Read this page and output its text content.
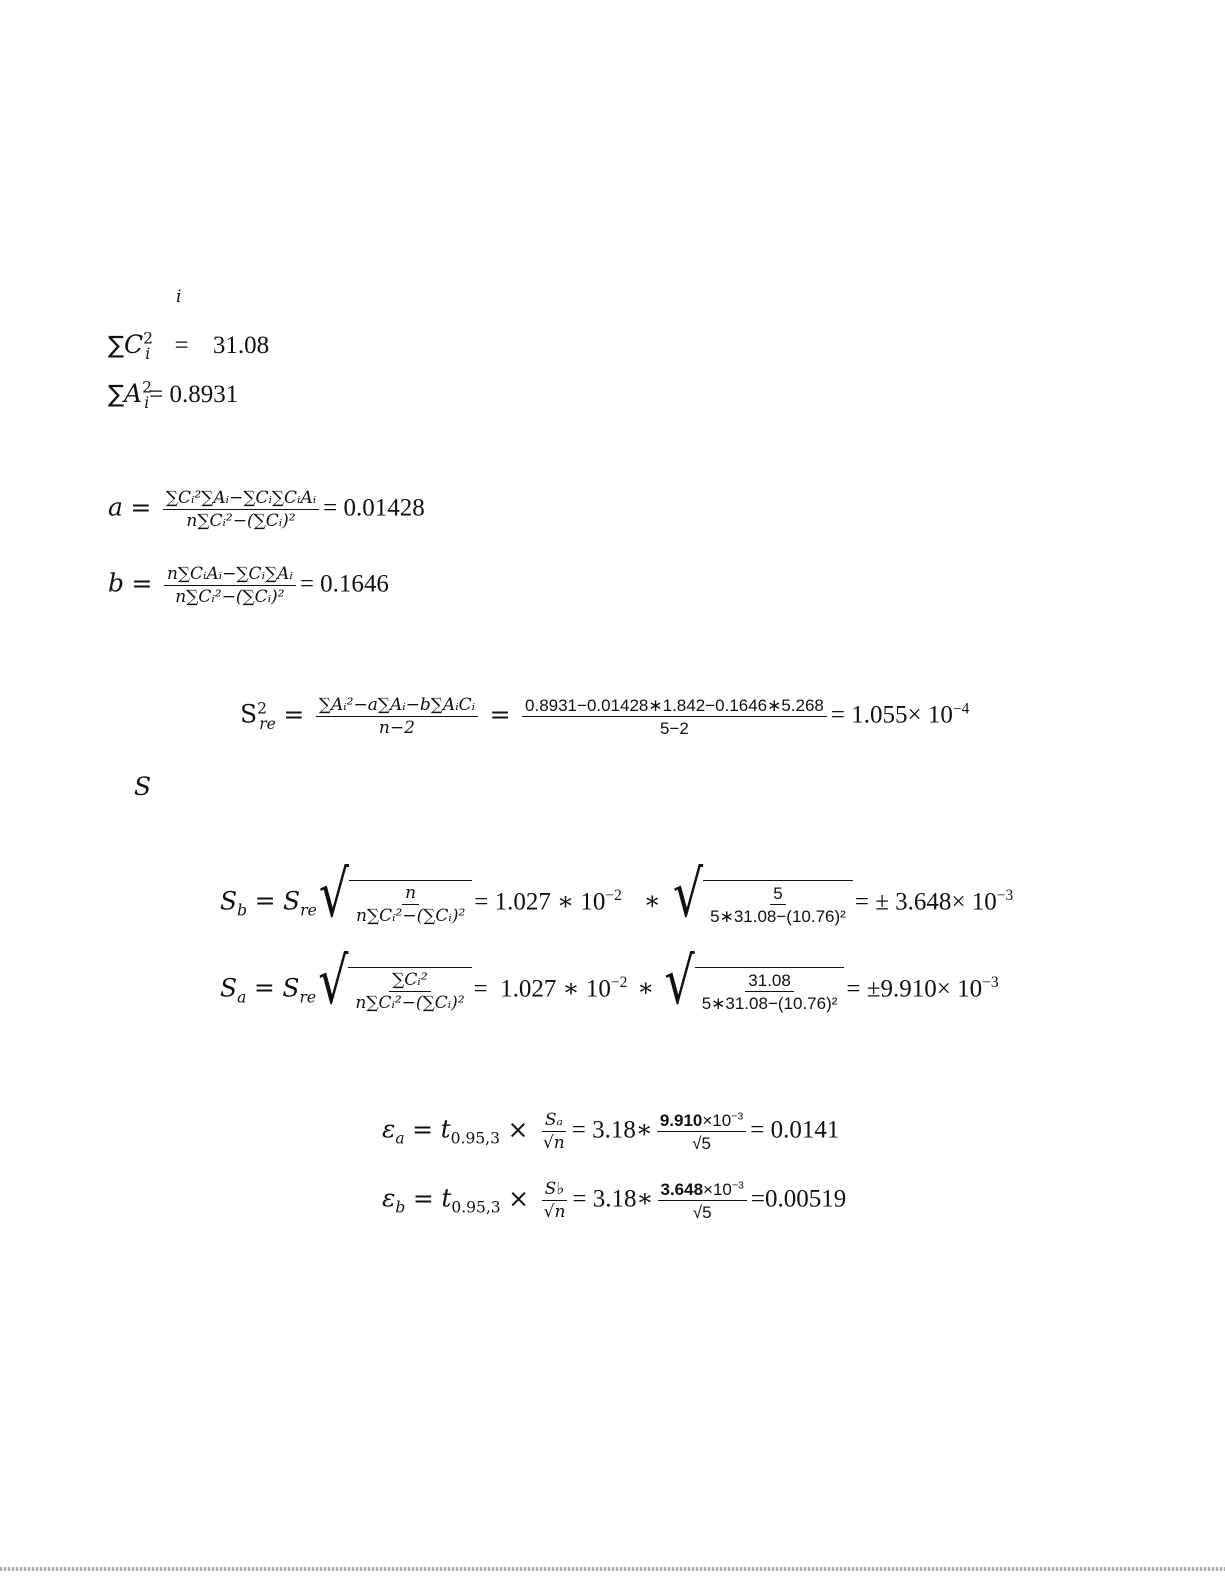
i
$\sum C^2_i = 31.08$
$\sum A^2_i= 0.8931$
$a = \frac{\text{∑Cᵢ²∑Aᵢ−∑Cᵢ∑CᵢAᵢ}}{\text{n∑Cᵢ²−(∑Cᵢ)²}} = 0.01428$
$b = \frac{\text{n∑CᵢAᵢ−∑Cᵢ∑Aᵢ}}{\text{n∑Cᵢ²−(∑Cᵢ)²}} = 0.1646$
$S^2_{re} = \frac{\text{∑Aᵢ²−a∑Aᵢ−b∑AᵢCᵢ}}{n-2} = \frac{0.8931-0.01428∗1.842-0.1646∗5.268}{5-2} = 1.055\times 10^{-4}$
S
$S_b = S_{re}$ √ $\frac{n}{\text{n∑Cᵢ²−(∑Cᵢ)²}} = 1.027$ ∗ $10^{-2}$ ∗ √ $\frac{5}{\text{5∗31.08−(10.76)²}}$ = ± $3.648\times 10^{-3}$
$S_a = S_{re}$ √ $\frac{\text{∑Cᵢ²}}{\text{n∑Cᵢ²−(∑Cᵢ)²}} = 1.027$ ∗ $10^{-2}$ ∗ √ $\frac{31.08}{\text{5∗31.08−(10.76)²}} = \pm 9.910\times 10^{-3}$
$\varepsilon_a = t_{0.95,3} \times \frac{\text{Sₐ}}{√n}$ = 3.18∗ $\frac{9.910\times 10^{-3}}{√5} = 0.0141$
$\varepsilon_b = t_{0.95,3} \times \frac{S♭}{√n}$ = 3.18∗ $\frac{3.648\times 10^{-3}}{√5} =0.00519$
